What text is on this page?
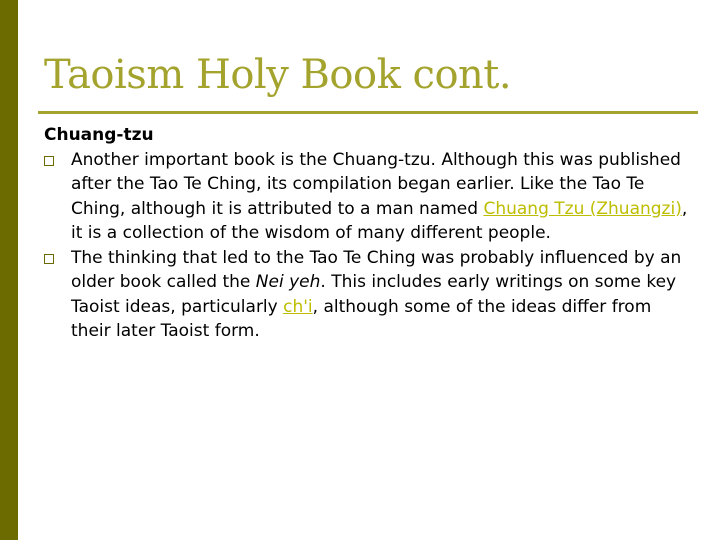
Taoism Holy Book cont.

Chuang-tzu

Another important book is the Chuang-tzu. Although this was published after the Tao Te Ching, its compilation began earlier. Like the Tao Te Ching, although it is attributed to a man named Chuang Tzu (Zhuangzi), it is a collection of the wisdom of many different people.
The thinking that led to the Tao Te Ching was probably influenced by an older book called the Nei yeh. This includes early writings on some key Taoist ideas, particularly ch'i, although some of the ideas differ from their later Taoist form.
